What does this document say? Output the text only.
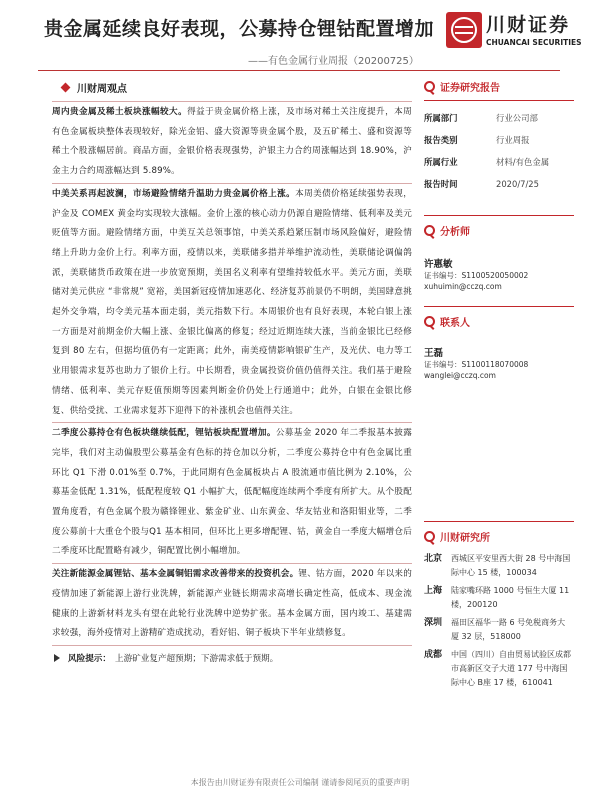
贵金属延续良好表现，公募持仓锂钴配置增加
——有色金属行业周报（20200725）
川财证券
CHUANCAI SECURITIES
川财周观点

周内贵金属及稀土板块涨幅较大。得益于贵金属价格上涨，及市场对稀土关注度提升，本周有色金属板块整体表现较好，除光金铝、盛大资源等贵金属个股，及五矿稀土、盛和资源等稀土个股涨幅居前。商品方面，金银价格表现强势，沪银主力合约周涨幅达到 18.90%，沪金主力合约周涨幅达到 5.89%。

中美关系再起波澜，市场避险情绪升温助力贵金属价格上涨。本周美债价格延续强势表现，沪金及 COMEX 黄金均实现较大涨幅。金价上涨的核心动力仍源自避险情绪、低利率及美元贬值等方面。避险情绪方面，中美互关总领事馆，中美关系趋紧压制市场风险偏好，避险情绪上升助力金价上行。利率方面，疫情以来，美联储多措并举维护流动性，美联储论调偏鸽派，美联储货币政策在进一步放宽预期，美国名义利率有望维持较低水平。美元方面，美联储对美元供应 “非常规” 宽裕，美国新冠疫情加速恶化、经济复苏前景仍不明朗，美国肆意挑起外交争端，均令美元基本面走弱，美元指数下行。本周银价也有良好表现，本轮白银上涨一方面是对前期金价大幅上涨、金银比偏离的修复；经过近期连续大涨，当前金银比已经修复到 80 左右，但据均值仍有一定距离；此外，南美疫情影响银矿生产，及光伏、电力等工业用银需求复苏也助力了银价上行。中长期看，贵金属投资价值仍值得关注。我们基于避险情绪、低利率、美元存贬值预期等因素判断金价仍处上行通道中；此外，白银在金银比修复、供给受扰、工业需求复苏下迎得下的补涨机会也值得关注。

二季度公募持仓有色板块继续低配，锂钴板块配置增加。公募基金 2020 年二季报基本披露完毕，我们对主动偏股型公募基金有色标的持仓加以分析，二季度公募持仓中有色金属比重环比 Q1 下滑 0.01%至 0.7%，于此同期有色金属板块占 A 股流通市值比例为 2.10%，公募基金低配 1.31%，低配程度较 Q1 小幅扩大，低配幅度连续两个季度有所扩大。从个股配置角度看，有色金属个股为赣锋锂业、紫金矿业、山东黄金、华友钴业和洛阳钼业等，二季度公募前十大重仓个股与Q1 基本相同，但环比上更多增配锂、钴，黄金自一季度大幅增仓后二季度环比配置略有减少，铜配置比例小幅增加。

关注新能源金属锂钴、基本金属铜铝需求改善带来的投资机会。锂、钴方面，2020 年以来的疫情加速了新能源上游行业洗牌，新能源产业链长期需求高增长确定性高，低成本、现金流健康的上游新材料龙头有望在此轮行业洗牌中逆势扩张。基本金属方面，国内竣工、基建需求较强，海外疫情对上游精矿造成扰动，看好铝、铜子板块下半年业绩修复。

风险提示： 上游矿业复产超预期；下游需求低于预期。
证券研究报告
所属部门	行业公司部
报告类别	行业周报
所属行业	材料/有色金属
报告时间	2020/7/25
分析师
许惠敏
证书编号：S1100520050002
xuhuimin@cczq.com
联系人
王磊
证书编号：S1100118070008
wanglei@cczq.com
川财研究所
北京	西城区平安里西大街 28 号中海国际中心 15 楼，100034
上海	陆家嘴环路 1000 号恒生大厦 11 楼，200120
深圳	福田区福华一路 6 号免税商务大厦 32 层，518000
成都	中国（四川）自由贸易试验区成都市高新区交子大道 177 号中海国际中心 B座 17 楼，610041
本报告由川财证券有限责任公司编制 谨请参阅尾页的重要声明
